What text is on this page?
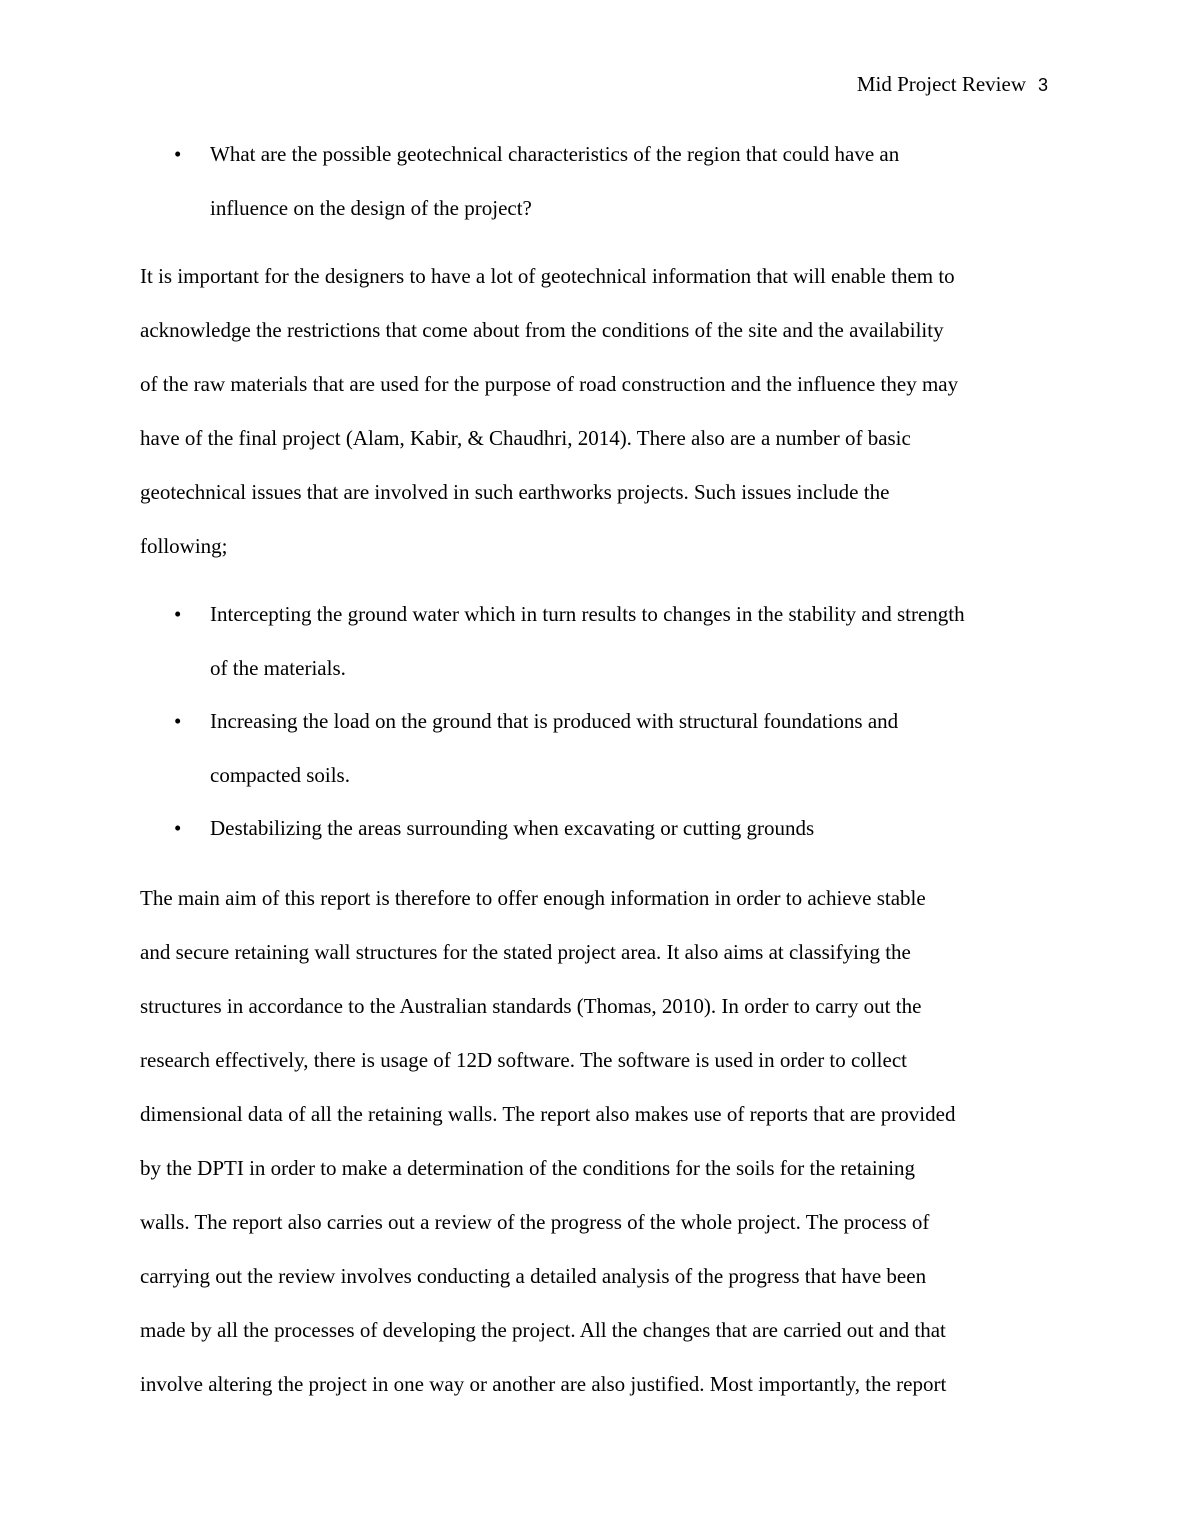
Mid Project Review 3
• What are the possible geotechnical characteristics of the region that could have an
influence on the design of the project?
It is important for the designers to have a lot of geotechnical information that will enable them to
acknowledge the restrictions that come about from the conditions of the site and the availability
of the raw materials that are used for the purpose of road construction and the influence they may
have of the final project (Alam, Kabir, & Chaudhri, 2014). There also are a number of basic
geotechnical issues that are involved in such earthworks projects. Such issues include the
following;
• Intercepting the ground water which in turn results to changes in the stability and strength
of the materials.
• Increasing the load on the ground that is produced with structural foundations and
compacted soils.
• Destabilizing the areas surrounding when excavating or cutting grounds
The main aim of this report is therefore to offer enough information in order to achieve stable
and secure retaining wall structures for the stated project area. It also aims at classifying the
structures in accordance to the Australian standards (Thomas, 2010). In order to carry out the
research effectively, there is usage of 12D software. The software is used in order to collect
dimensional data of all the retaining walls. The report also makes use of reports that are provided
by the DPTI in order to make a determination of the conditions for the soils for the retaining
walls. The report also carries out a review of the progress of the whole project. The process of
carrying out the review involves conducting a detailed analysis of the progress that have been
made by all the processes of developing the project. All the changes that are carried out and that
involve altering the project in one way or another are also justified. Most importantly, the report
